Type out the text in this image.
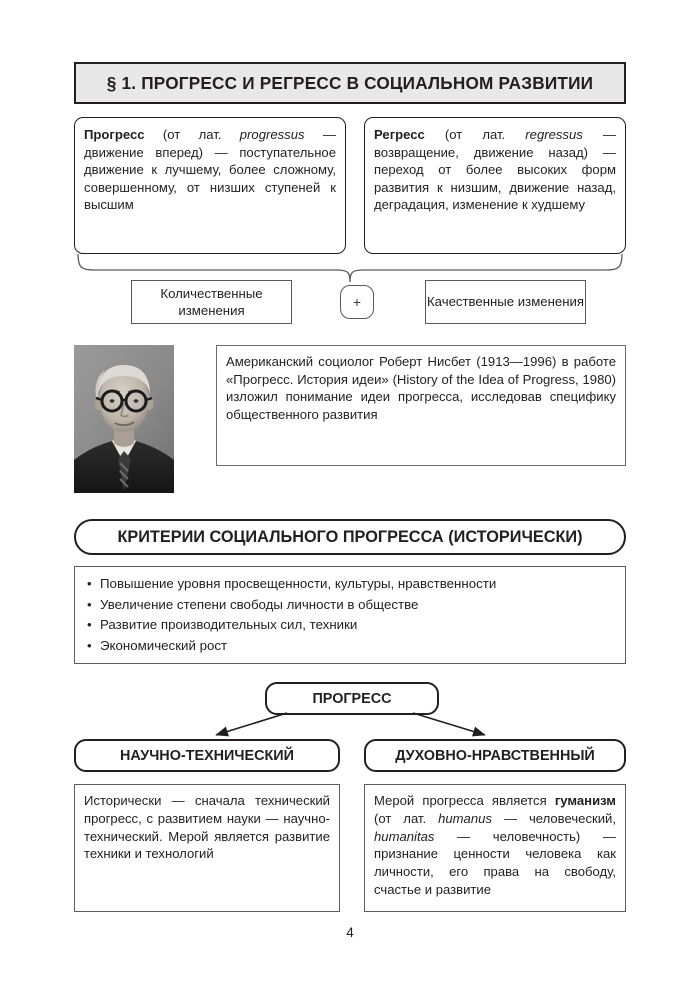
§ 1. ПРОГРЕСС И РЕГРЕСС В СОЦИАЛЬНОМ РАЗВИТИИ
Прогресс (от лат. progressus — движение вперед) — поступательное движение к лучшему, более сложному, совершенному, от низших ступеней к высшим
Регресс (от лат. regressus — возвращение, движение назад) — переход от более высоких форм развития к низшим, движение назад, деградация, изменение к худшему
Количественные изменения
+	Качественные изменения
Американский социолог Роберт Нисбет (1913—1996) в работе «Прогресс. История идеи» (History of the Idea of Progress, 1980) изложил понимание идеи прогресса, исследовав специфику общественного развития
КРИТЕРИИ СОЦИАЛЬНОГО ПРОГРЕССА (ИСТОРИЧЕСКИ)
• Повышение уровня просвещенности, культуры, нравственности
• Увеличение степени свободы личности в обществе
• Развитие производительных сил, техники
• Экономический рост
ПРОГРЕСС
НАУЧНО-ТЕХНИЧЕСКИЙ	ДУХОВНО-НРАВСТВЕННЫЙ
Исторически — сначала технический прогресс, с развитием науки — научно-технический. Мерой является развитие техники и технологий
Мерой прогресса является гуманизм (от лат. humanus — человеческий, humanitas — человечность) — признание ценности человека как личности, его права на свободу, счастье и развитие
4
